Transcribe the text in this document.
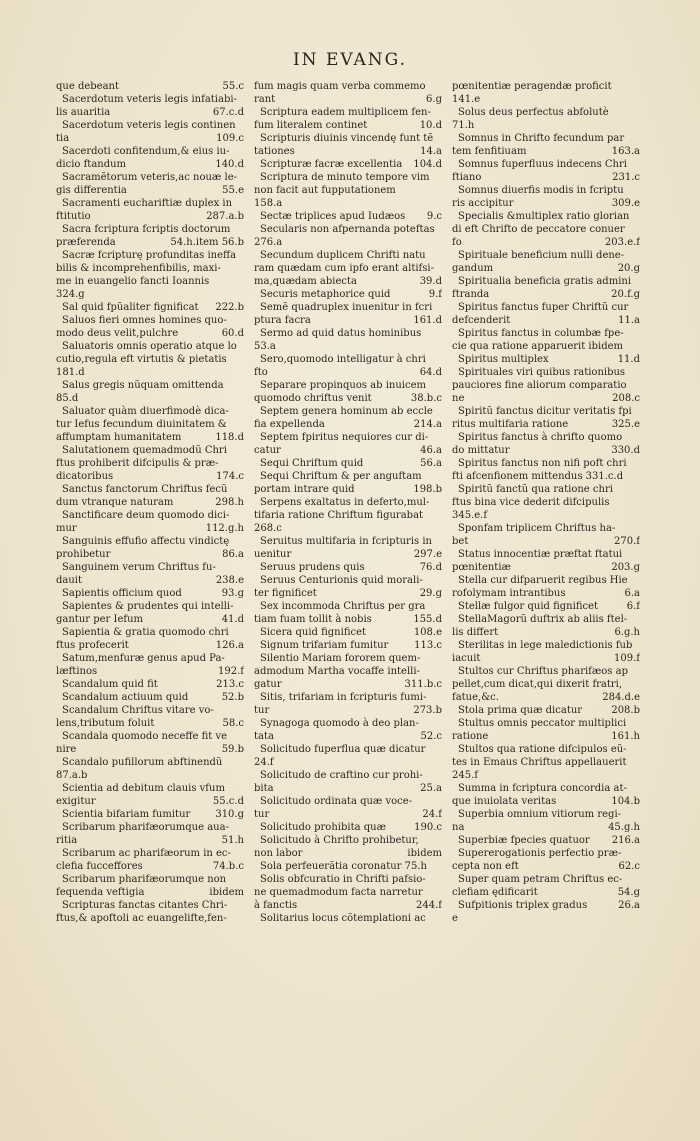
IN EVANG.
que debeant	55.c
Sacerdotum veteris legis infatiabi-
lis auaritia	67.c.d
Sacerdotum veteris legis continen
tia	109.c
Sacerdoti confitendum,& eius iu-
dicio ftandum	140.d
Sacramẽtorum veteris,ac nouæ le-
gis differentia	55.e
Sacramenti euchariftiæ duplex in
ftitutio	287.a.b
Sacra fcriptura fcriptis doctorum
præferenda	54.h.item 56.b
Sacræ fcripturę profunditas ineffa
bilis & incomprehenfibilis, maxi-
me in euangelio fancti Ioannis
324.g
Sal quid fpũaliter fignificat 222.b
Saluos fieri omnes homines quo-
modo deus velit,pulchre	60.d
Saluatoris omnis operatio atque lo
cutio,regula eft virtutis & pietatis
181.d
Salus gregis nũquam omittenda
85.d
Saluator quàm diuerfimodè dica-
tur Iefus fecundum diuinitatem &
affumptam humanitatem	118.d
Salutationem quemadmodũ Chri
ftus prohiberit difcipulis & præ-
dicatoribus	174.c
Sanctus fanctorum Chriftus fecũ
dum vtranque naturam	298.h
Sanctificare deum quomodo dici-
mur	112.g.h
Sanguinis effufio affectu vindictę
prohibetur	86.a
Sanguinem verum Chriftus fu-
dauit	238.e
Sapientis officium quod	93.g
Sapientes & prudentes qui intelli-
gantur per Iefum	41.d
Sapientia & gratia quomodo chri
ftus profecerit	126.a
Satum,menfuræ genus apud Pa-
læftinos	192.f
Scandalum quid fit	213.c
Scandalum actiuum quid	52.b
Scandalum Chriftus vitare vo-
lens,tributum foluit	58.c
Scandala quomodo neceffe fit ve
nire	59.b
Scandalo pufillorum abftinendũ
87.a.b
Scientia ad debitum clauis vfum
exigitur	55.c.d
Scientia bifariam fumitur	310.g
Scribarum pharifæorumque aua-
ritia	51.h
Scribarum ac pharifæorum in ec-
clefia fucceffores	74.b.c
Scribarum pharifæorumque non
fequenda veftigia	ibidem
Scripturas fanctas citantes Chri-
ftus,& apoftoli ac euangelifte,fen-
fum magis quam verba commemo
rant	6.g
Scriptura eadem multiplicem fen-
fum literalem continet	10.d
Scripturis diuinis vincendę funt tẽ
tationes	14.a
Scripturæ facræ excellentia 104.d
Scriptura de minuto tempore vim
non facit aut fupputationem
158.a
Sectæ triplices apud Iudæos 9.c
Secularis non afpernanda poteftas
276.a
Secundum duplicem Chrifti natu
ram quædam cum ipfo erant altifsi-
ma,quædam abiecta	39.d
Securis metaphorice quid	9.f
Semẽ quadruplex inuenitur in fcri
ptura facra	161.d
Sermo ad quid datus hominibus
53.a
Sero,quomodo intelligatur à chri
fto	64.d
Separare propinquos ab inuicem
quomodo chriftus venit	38.b.c
Septem genera hominum ab eccle
fia expellenda	214.a
Septem fpiritus nequiores cur di-
catur	46.a
Sequi Chriftum quid	56.a
Sequi Chriftum & per anguftam
portam intrare quid	198.b
Serpens exaltatus in deferto,mul-
tifaria ratione Chriftum figurabat
268.c
Seruitus multifaria in fcripturis in
uenitur	297.e
Seruus prudens quis	76.d
Seruus Centurionis quid morali-
ter fignificet	29.g
Sex incommoda Chriftus per gra
tiam fuam tollit à nobis	155.d
Sicera quid fignificet	108.e
Signum trifariam fumitur	113.c
Silentio Mariam fororem quem-
admodum Martha vocaffe intelli-
gatur	311.b.c
Sitis, trifariam in fcripturis fumi-
tur	273.b
Synagoga quomodo à deo plan-
tata	52.c
Solicitudo fuperflua quæ dicatur
24.f
Solicitudo de craftino cur prohi-
bita	25.a
Solicitudo ordinata quæ voce-
tur	24.f
Solicitudo prohibita quæ	190.c
Solicitudo à Chrifto prohibetur,
non labor	ibidem
Sola perfeuerãtia coronatur 75.h
Solis obfcuratio in Chrifti pafsio-
ne quemadmodum facta narretur
à fanctis	244.f
Solitarius locus cõtemplationi ac
pœnitentiæ peragendæ proficit
141.e
Solus deus perfectus abfolutè
71.h
Somnus in Chrifto fecundum par
tem fenfitiuam	163.a
Somnus fuperfluus indecens Chri
ftiano	231.c
Somnus diuerfis modis in fcriptu
ris accipitur	309.e
Specialis &multiplex ratio glorian
di eft Chrifto de peccatore conuer
fo	203.e.f
Spirituale beneficium nulli dene-
gandum	20.g
Spiritualia beneficia gratis admini
ftranda	20.f.g
Spiritus fanctus fuper Chriftũ cur
defcenderit	11.a
Spiritus fanctus in columbæ fpe-
cie qua ratione apparuerit ibidem
Spiritus multiplex	11.d
Spirituales viri quibus rationibus
pauciores fine aliorum comparatio
ne	208.c
Spiritũ fanctus dicitur veritatis fpi
ritus multifaria ratione	325.e
Spiritus fanctus à chrifto quomo
do mittatur	330.d
Spiritus fanctus non nifi poft chri
fti afcenfionem mittendus 331.c.d
Spiritũ fanctũ qua ratione chri
ftus bina vice dederit difcipulis
345.e.f
Sponfam triplicem Chriftus ha-
bet	270.f
Status innocentiæ præftat ftatui
pœnitentiæ	203.g
Stella cur difparuerit regibus Hie
rofolymam intrantibus	6.a
Stellæ fulgor quid fignificet	6.f
StellaMagorũ duftrix ab aliis ftel-
lis differt	6.g.h
Sterilitas in lege maledictionis fub
iacuit	109.f
Stultos cur Chriftus pharifæos ap
pellet,cum dicat,qui dixerit fratri,
fatue,&c.	284.d.e
Stola prima quæ dicatur	208.b
Stultus omnis peccator multiplici
ratione	161.h
Stultos qua ratione difcipulos eũ-
tes in Emaus Chriftus appellauerit
245.f
Summa in fcriptura concordia at-
que inuiolata veritas	104.b
Superbia omnium vitiorum regi-
na	45.g.h
Superbiæ fpecies quatuor 216.a
Supererogationis perfectio præ-
cepta non eft	62.c
Super quam petram Chriftus ec-
clefiam ędificarit	54.g
Sufpitionis triplex gradus	26.a
e
